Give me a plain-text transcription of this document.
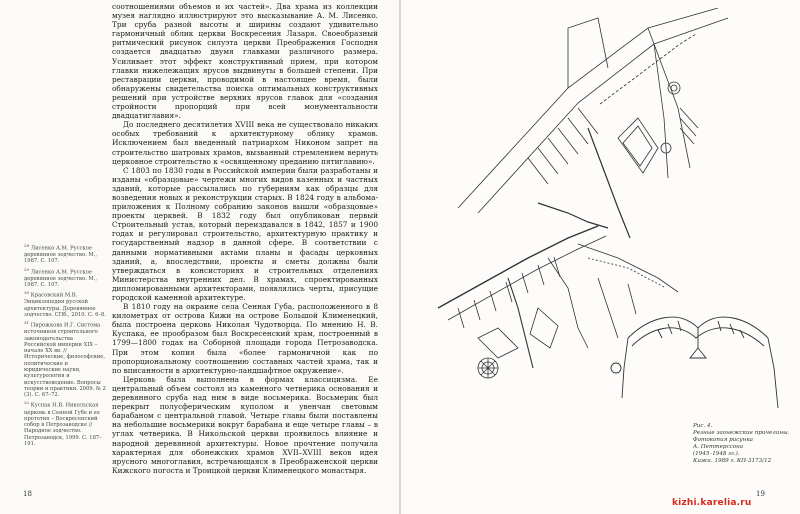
$^{28}$ Лисенко А.М. Русское деревянное зодчество. М., 1987. С. 107.

$^{29}$ Лисенко А.М. Русское деревянное зодчество. М., 1987. С. 107.

$^{30}$ Красовский М.В. Энциклопедия русской архитектуры. Деревянное зодчество. СПб., 2010. С. 6–8.

$^{31}$ Пирожкова И.Г. Система источников строительного законодательства Российской империи XIX – начале XX вв. // Исторические, философские, политические и юридические науки, культурология и искусствоведение. Вопросы теории и практики. 2009. № 2 (3). С. 67–72.

$^{32}$ Куспак Н.В. Никольская церковь в Сенной Губе и ее прототип – Воскресенский собор в Петрозаводске // Народное зодчество. Петрозаводск, 1999. С. 187–191.

соотношениями объемов и их частей». Два храма из коллекции музея наглядно иллюстрируют это высказывание А. М. Лисенко. Три сруба разной высоты и ширины создают удивительно гармоничный облик церкви Воскресения Лазаря. Своеобразный ритмический рисунок силуэта церкви Преображения Господня создается двадцатью двумя главками различного размера. Усиливает этот эффект конструктивный прием, при котором главки нижележащих ярусов выдвинуты в большей степени. При реставрации церкви, проводимой в настоящее время, были обнаружены свидетельства поиска оптимальных конструктивных решений при устройстве верхних ярусов главок для «создания стройности пропорций при всей монументальности двадцатиглавия».

До последнего десятилетия XVIII века не существовало никаких особых требований к архитектурному облику храмов. Исключением был введенный патриархом Никоном запрет на строительство шатровых храмов, вызванный стремлением вернуть церковное строительство к «освященному преданию пятиглавию».

С 1803 по 1830 годы в Российской империи были разработаны и изданы «образцовые» чертежи многих видов казенных и частных зданий, которые рассылались по губерниям как образцы для возведения новых и реконструкции старых. В 1824 году в альбома-приложения к Полному собранию законов вышли «образцовые» проекты церквей. В 1832 году был опубликован первый Строительный устав, который переиздавался в 1842, 1857 и 1900 годах и регулировал строительство, архитектурную практику и государственный надзор в данной сфере. В соответствии с данными нормативными актами планы и фасады церковных зданий, а, впоследствии, проекты и сметы должны были утверждаться в консисториях и строительных отделениях Министерства внутренних дел. В храмах, спроектированных дипломированными архитекторами, появлялись черты, присущие городской каменной архитектуре.

В 1810 году на окраине села Сенная Губа, расположенного в 8 километрах от острова Кижи на острове Большой Клименецкий, была построена церковь Николая Чудотворца. По мнению Н. В. Куспака, ее прообразом был Воскресенский храм, построенный в 1799—1800 годах на Соборной площади города Петрозаводска. При этом копия была «более гармоничной как по пропорциональному соотношению составных частей храма, так и по вписанности в архитектурно-ландшафтное окружение».

Церковь была выполнена в формах классицизма. Ее центральный объем состоял из каменного четверика основания и деревянного сруба над ним в виде восьмерика. Восьмерик был перекрыт полусферическим куполом и увенчан световым барабаном с центральной главой. Четыре главы были поставлены на небольшие восьмерики вокруг барабана и еще четыре главы – в углах четверика. В Никольской церкви проявилось влияние и народной деревянной архитектуры. Новое прочтение получила характерная для обонежских храмов XVII–XVIII веков идея ярусного многоглавия, встречающаяся в Преображенской церкви Кижского погоста и Троицкой церкви Клименецкого монастыря.

18
Рис. 4.
Резные заонежские причелины.
Фотокопия рисунка
А. Петтерссона
(1945–1948 гг.).
Кижи. 1989 г. КП-3173/12
19
kizhi.karelia.ru
